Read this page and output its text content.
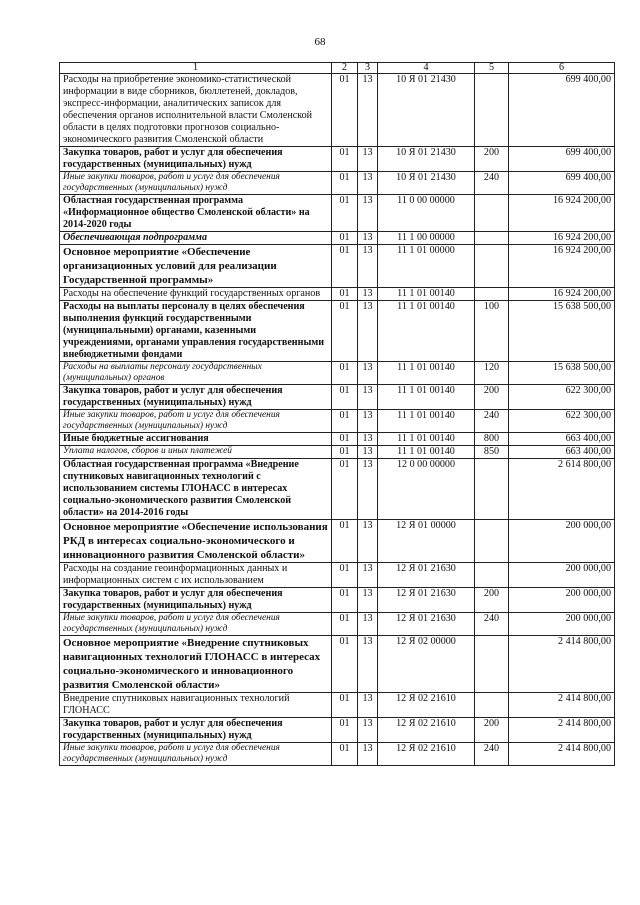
68
1	2	3	4	5	6
Расходы на приобретение экономико-статистической информации в виде сборников, бюллетеней, докладов, экспресс-информации, аналитических записок для обеспечения органов исполнительной власти Смоленской области в целях подготовки прогнозов социально-экономического развития Смоленской области	01	13	10 Я 01 21430		699 400,00
Закупка товаров, работ и услуг для обеспечения государственных (муниципальных) нужд	01	13	10 Я 01 21430	200	699 400,00
Иные закупки товаров, работ и услуг для обеспечения государственных (муниципальных) нужд	01	13	10 Я 01 21430	240	699 400,00
Областная государственная программа «Информационное общество Смоленской области» на 2014-2020 годы	01	13	11 0 00 00000		16 924 200,00
Обеспечивающая подпрограмма	01	13	11 1 00 00000		16 924 200,00
Основное мероприятие «Обеспечение организационных условий для реализации Государственной программы»	01	13	11 1 01 00000		16 924 200,00
Расходы на обеспечение функций государственных органов	01	13	11 1 01 00140		16 924 200,00
Расходы на выплаты персоналу в целях обеспечения выполнения функций государственными (муниципальными) органами, казенными учреждениями, органами управления государственными внебюджетными фондами	01	13	11 1 01 00140	100	15 638 500,00
Расходы на выплаты персоналу государственных (муниципальных) органов	01	13	11 1 01 00140	120	15 638 500,00
Закупка товаров, работ и услуг для обеспечения государственных (муниципальных) нужд	01	13	11 1 01 00140	200	622 300,00
Иные закупки товаров, работ и услуг для обеспечения государственных (муниципальных) нужд	01	13	11 1 01 00140	240	622 300,00
Иные бюджетные ассигнования	01	13	11 1 01 00140	800	663 400,00
Уплата налогов, сборов и иных платежей	01	13	11 1 01 00140	850	663 400,00
Областная государственная программа «Внедрение спутниковых навигационных технологий с использованием системы ГЛОНАСС в интересах социально-экономического развития Смоленской области» на 2014-2016 годы	01	13	12 0 00 00000		2 614 800,00
Основное мероприятие «Обеспечение использования РКД в интересах социально-экономического и инновационного развития Смоленской области»	01	13	12 Я 01 00000		200 000,00
Расходы на создание геоинформационных данных и информационных систем с их использованием	01	13	12 Я 01 21630		200 000,00
Закупка товаров, работ и услуг для обеспечения государственных (муниципальных) нужд	01	13	12 Я 01 21630	200	200 000,00
Иные закупки товаров, работ и услуг для обеспечения государственных (муниципальных) нужд	01	13	12 Я 01 21630	240	200 000,00
Основное мероприятие «Внедрение спутниковых навигационных технологий ГЛОНАСС в интересах социально-экономического и инновационного развития Смоленской области»	01	13	12 Я 02 00000		2 414 800,00
Внедрение спутниковых навигационных технологий ГЛОНАСС	01	13	12 Я 02 21610		2 414 800,00
Закупка товаров, работ и услуг для обеспечения государственных (муниципальных) нужд	01	13	12 Я 02 21610	200	2 414 800,00
Иные закупки товаров, работ и услуг для обеспечения государственных (муниципальных) нужд	01	13	12 Я 02 21610	240	2 414 800,00
